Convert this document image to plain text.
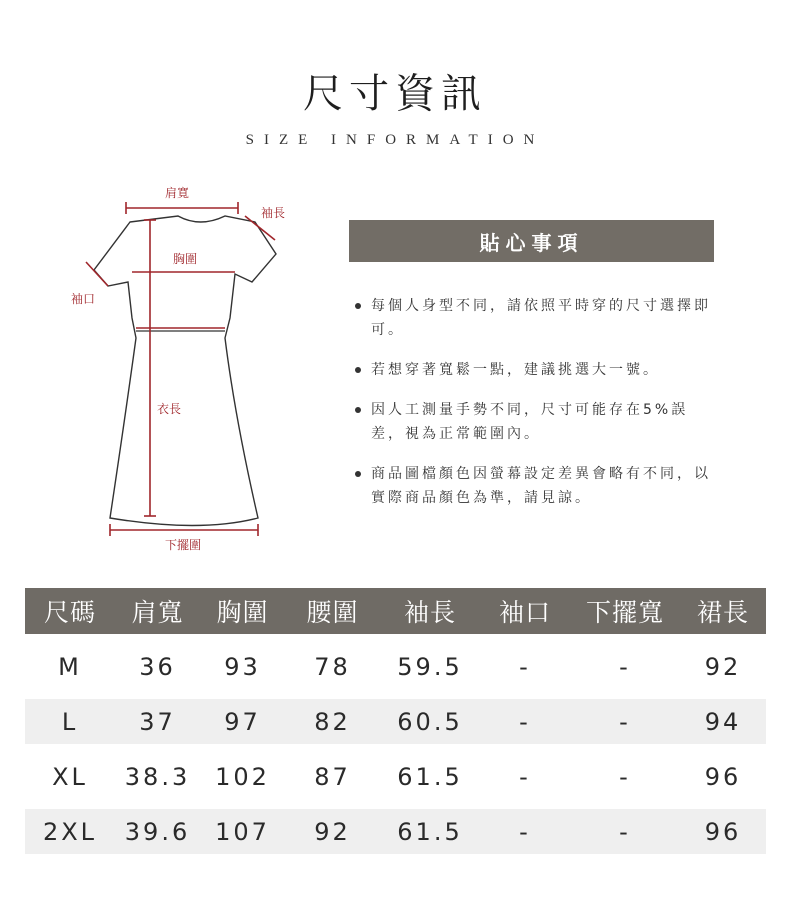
尺寸資訊
SIZE INFORMATION
肩寬
袖長
胸圍
袖口
衣長
下擺圍
貼心事項
每個人身型不同，請依照平時穿的尺寸選擇即可。
若想穿著寬鬆一點，建議挑選大一號。
因人工測量手勢不同，尺寸可能存在5%誤差，視為正常範圍內。
商品圖檔顏色因螢幕設定差異會略有不同，以實際商品顏色為準，請見諒。
尺碼	肩寬	胸圍	腰圍	袖長	袖口	下擺寬	裙長
M	36	93	78	59.5	-	-	92
L	37	97	82	60.5	-	-	94
XL	38.3	102	87	61.5	-	-	96
2XL	39.6	107	92	61.5	-	-	96
